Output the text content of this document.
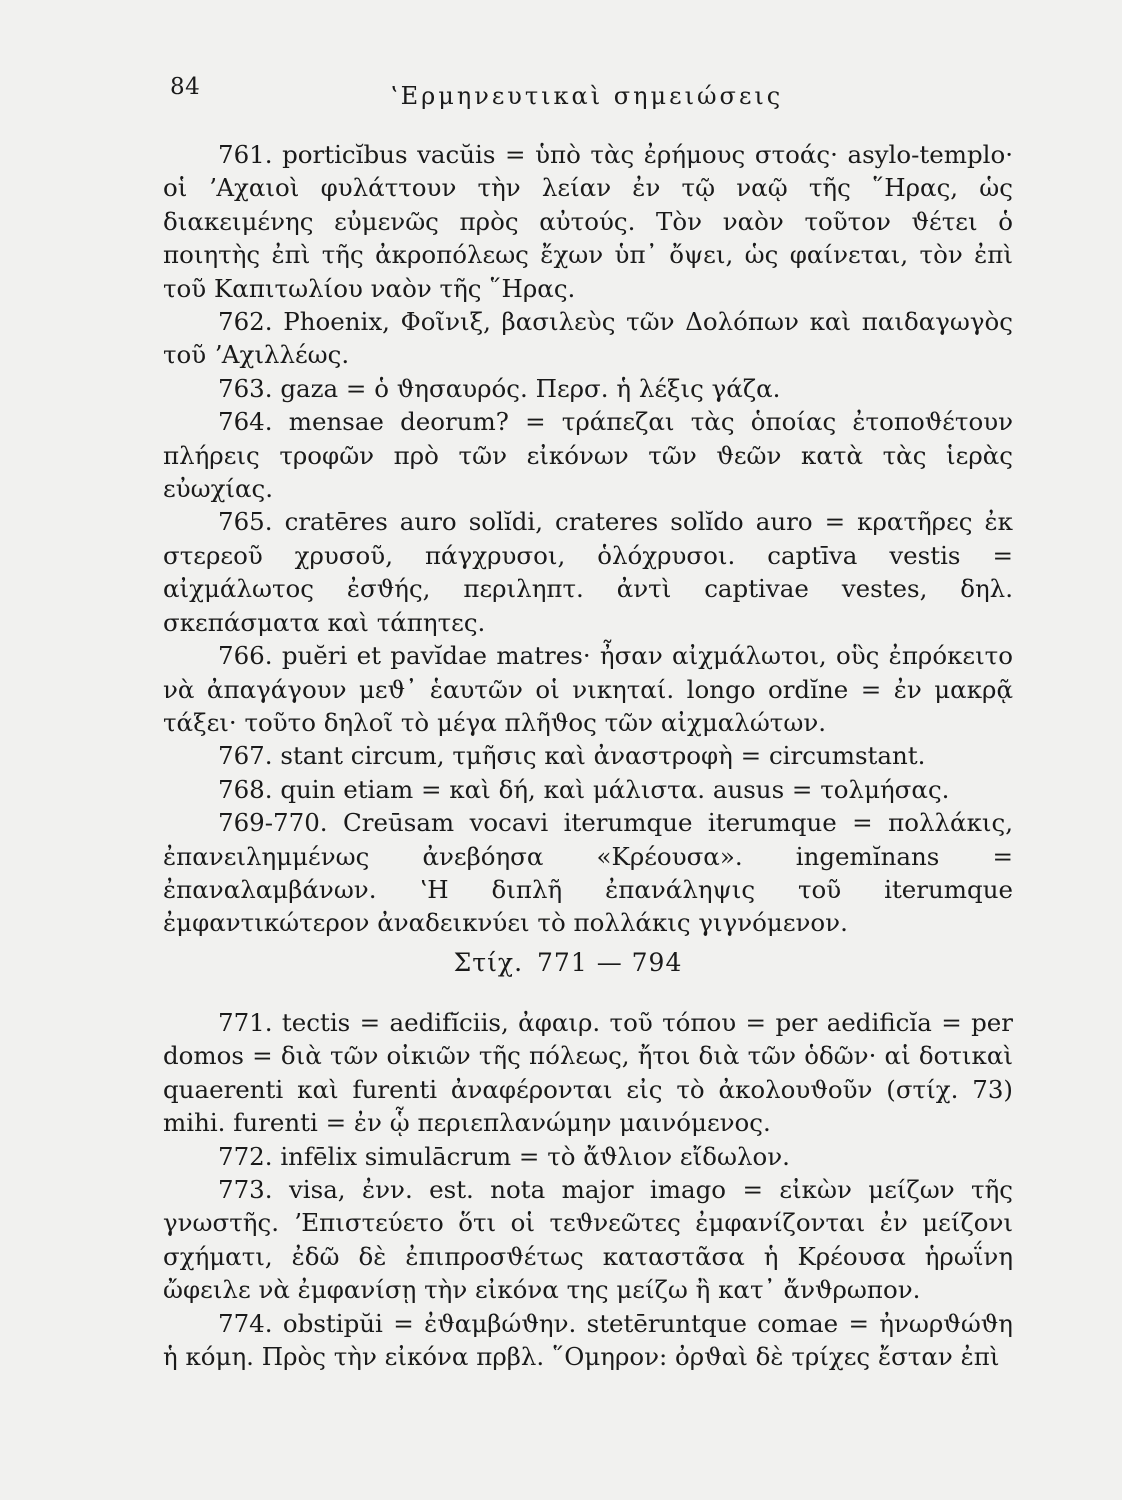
84	ʽΕρμηνευτικαὶ σημειώσεις

761. porticĭbus vacŭis = ὑπὸ τὰς ἐρήμους στοάς· asylo-templo· οἱ ʼΑχαιοὶ φυλάττουν τὴν λείαν ἐν τῷ ναῷ τῆς ῞Ηρας, ὡς διακειμένης εὐμενῶς πρὸς αὐτούς. Τὸν ναὸν τοῦτον ϑέτει ὁ ποιητὴς ἐπὶ τῆς ἀκροπόλεως ἔχων ὑπ᾽ ὄψει, ὡς φαίνεται, τὸν ἐπὶ τοῦ Καπιτωλίου ναὸν τῆς ῞Ηρας.

762. Phoenix, Φοῖνιξ, βασιλεὺς τῶν Δολόπων καὶ παιδαγωγὸς τοῦ ʼΑχιλλέως.

763. gaza = ὁ ϑησαυρός. Περσ. ἡ λέξις γάζα.

764. mensae deorum? = τράπεζαι τὰς ὁποίας ἐτοποϑέτουν πλήρεις τροφῶν πρὸ τῶν εἰκόνων τῶν ϑεῶν κατὰ τὰς ἱερὰς εὐωχίας.

765. cratēres auro solĭdi, crateres solĭdo auro = κρατῆρες ἐκ στερεοῦ χρυσοῦ, πάγχρυσοι, ὁλόχρυσοι. captīva vestis = αἰχμάλωτος ἐσϑής, περιληπτ. ἀντὶ captivae vestes, δηλ. σκεπάσματα καὶ τάπητες.

766. puĕri et pavĭdae matres· ἦσαν αἰχμάλωτοι, οὓς ἐπρόκειτο νὰ ἀπαγάγουν μεϑ᾽ ἑαυτῶν οἱ νικηταί. longo ordĭne = ἐν μακρᾷ τάξει· τοῦτο δηλοῖ τὸ μέγα πλῆϑος τῶν αἰχμαλώτων.

767. stant circum, τμῆσις καὶ ἀναστροφὴ = circumstant.

768. quin etiam = καὶ δή, καὶ μάλιστα. ausus = τολμήσας.

769-770. Creūsam vocavi iterumque iterumque = πολλάκις, ἐπανειλημμένως ἀνεβόησα «Κρέουσα». ingemĭnans = ἐπαναλαμβάνων. ʽΗ διπλῆ ἐπανάληψις τοῦ iterumque ἐμφαντικώτερον ἀναδεικνύει τὸ πολλάκις γιγνόμενον.

Στίχ. 771 — 794

771. tectis = aedifĭciis, ἀφαιρ. τοῦ τόπου = per aedificĭa = per domos = διὰ τῶν οἰκιῶν τῆς πόλεως, ἤτοι διὰ τῶν ὁδῶν· αἱ δοτικαὶ quaerenti καὶ furenti ἀναφέρονται εἰς τὸ ἀκολουϑοῦν (στίχ. 73) mihi. furenti = ἐν ᾧ περιεπλανώμην μαινόμενος.

772. infēlix simulācrum = τὸ ἄϑλιον εἴδωλον.

773. visa, ἐνν. est. nota major imago = εἰκὼν μείζων τῆς γνωστῆς. ʼΕπιστεύετο ὅτι οἱ τεϑνεῶτες ἐμφανίζονται ἐν μείζονι σχήματι, ἐδῶ δὲ ἐπιπροσϑέτως καταστᾶσα ἡ Κρέουσα ἡρωΐνη ὤφειλε νὰ ἐμφανίσῃ τὴν εἰκόνα της μείζω ἢ κατ᾽ ἄνϑρωπον.

774. obstipŭi = ἐϑαμβώϑην. stetēruntque comae = ἠνωρϑώϑη ἡ κόμη. Πρὸς τὴν εἰκόνα πρβλ. ῞Ομηρον: ὀρϑαὶ δὲ τρίχες ἔσταν ἐπὶ
